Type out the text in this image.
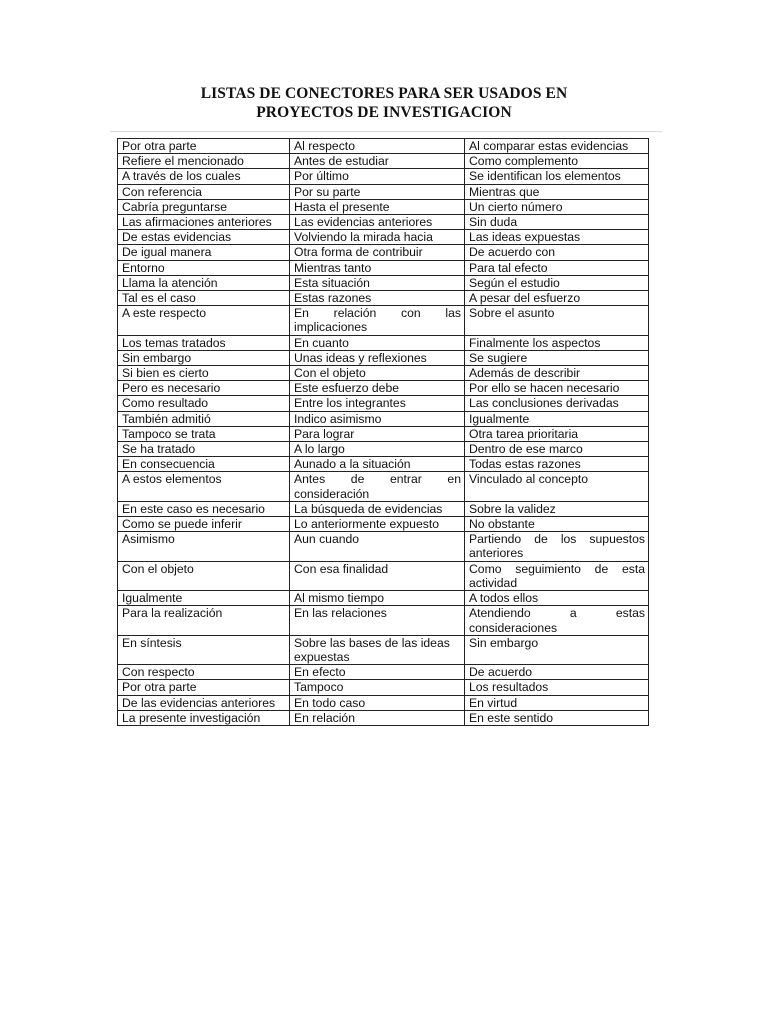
LISTAS DE CONECTORES PARA SER USADOS EN
PROYECTOS DE INVESTIGACION
Por otra parte	Al respecto	Al comparar estas evidencias
Refiere el mencionado	Antes de estudiar	Como complemento
A través de los cuales	Por último	Se identifican los elementos
Con referencia	Por su parte	Mientras que
Cabría preguntarse	Hasta el presente	Un cierto número
Las afirmaciones anteriores	Las evidencias anteriores	Sin duda
De estas evidencias	Volviendo la mirada hacia	Las ideas expuestas
De igual manera	Otra forma de contribuir	De acuerdo con
Entorno	Mientras tanto	Para tal efecto
Llama la atención	Esta situación	Según el estudio
Tal es el caso	Estas razones	A pesar del esfuerzo
A este respecto	En relación con las implicaciones	Sobre el asunto
Los temas tratados	En cuanto	Finalmente los aspectos
Sin embargo	Unas ideas y reflexiones	Se sugiere
Si bien es cierto	Con el objeto	Además de describir
Pero es necesario	Este esfuerzo debe	Por ello se hacen necesario
Como resultado	Entre los integrantes	Las conclusiones derivadas
También admitió	Indico asimismo	Igualmente
Tampoco se trata	Para lograr	Otra tarea prioritaria
Se ha tratado	A lo largo	Dentro de ese marco
En consecuencia	Aunado a la situación	Todas estas razones
A estos elementos	Antes de entrar en consideración	Vinculado al concepto
En este caso es necesario	La búsqueda de evidencias	Sobre la validez
Como se puede inferir	Lo anteriormente expuesto	No obstante
Asimismo	Aun cuando	Partiendo de los supuestos anteriores
Con el objeto	Con esa finalidad	Como seguimiento de esta actividad
Igualmente	Al mismo tiempo	A todos ellos
Para la realización	En las relaciones	Atendiendo a estas consideraciones
En síntesis	Sobre las bases de las ideas expuestas	Sin embargo
Con respecto	En efecto	De acuerdo
Por otra parte	Tampoco	Los resultados
De las evidencias anteriores	En todo caso	En virtud
La presente investigación	En relación	En este sentido
